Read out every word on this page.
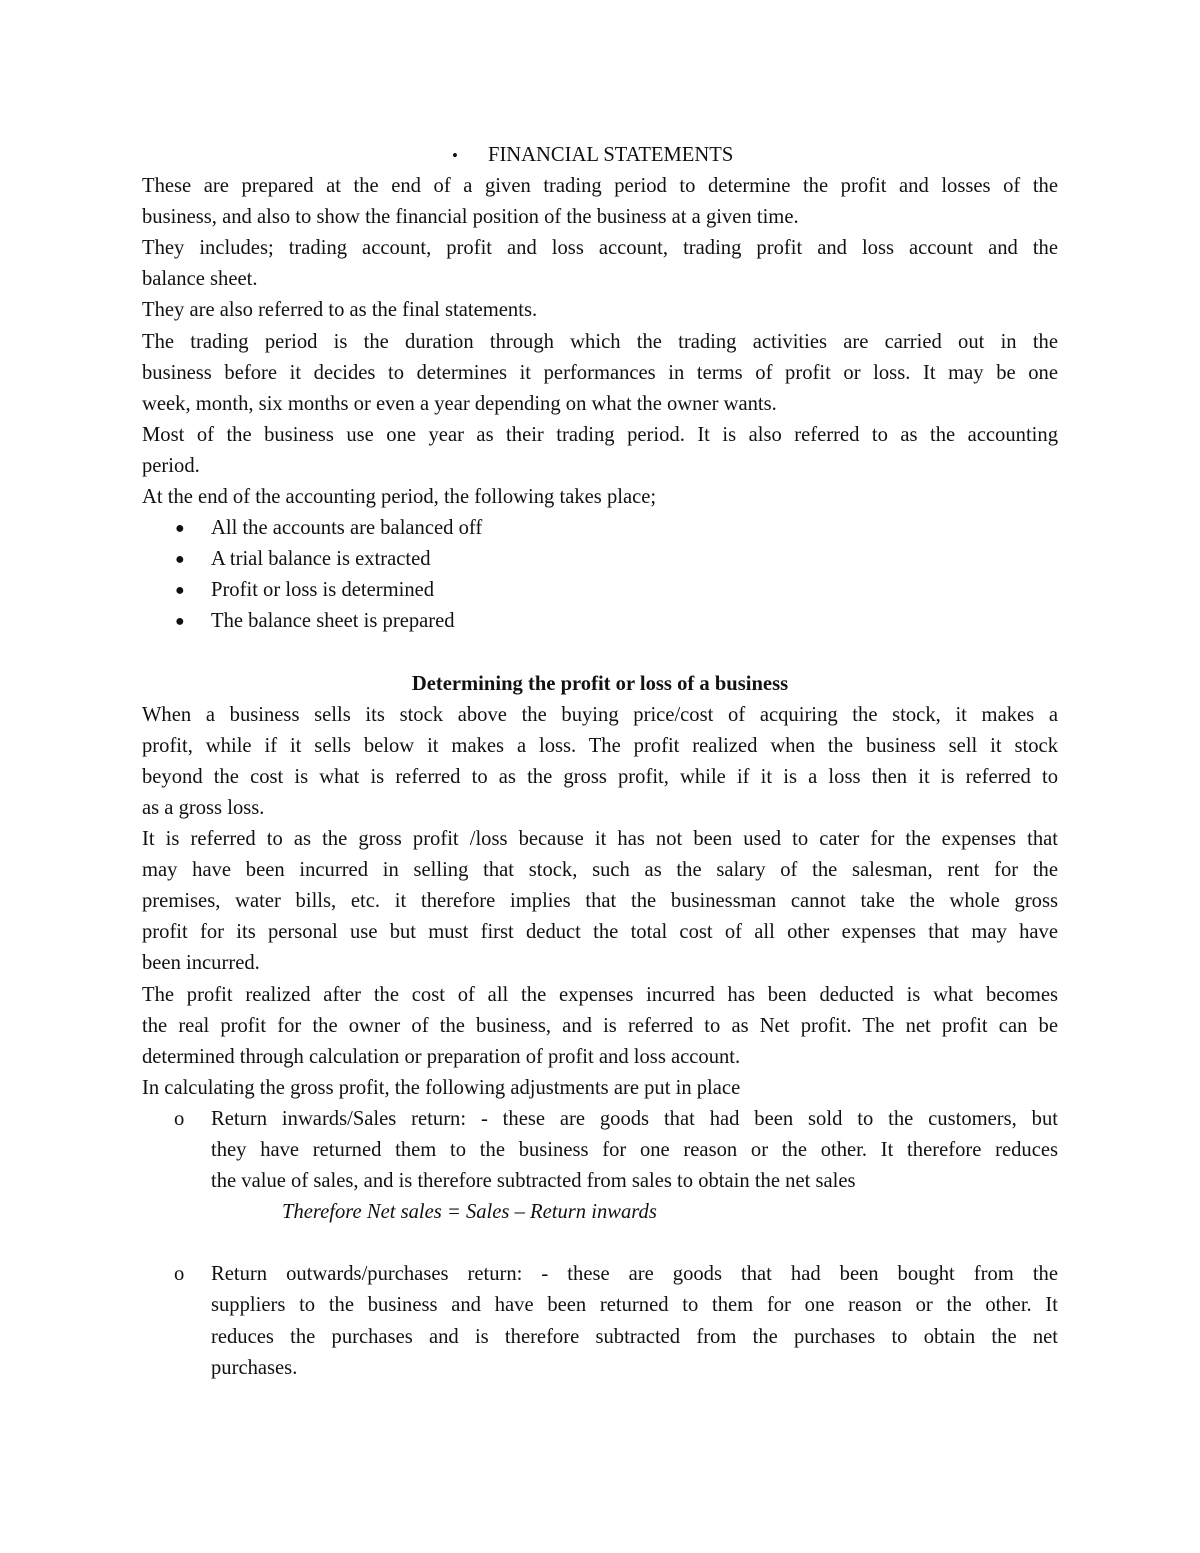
• FINANCIAL STATEMENTS
These are prepared at the end of a given trading period to determine the profit and losses of the
business, and also to show the financial position of the business at a given time.
They includes; trading account, profit and loss account, trading profit and loss account and the
balance sheet.
They are also referred to as the final statements.
The trading period is the duration through which the trading activities are carried out in the
business before it decides to determines it performances in terms of profit or loss. It may be one
week, month, six months or even a year depending on what the owner wants.
Most of the business use one year as their trading period. It is also referred to as the accounting
period.
At the end of the accounting period, the following takes place;
● All the accounts are balanced off
● A trial balance is extracted
● Profit or loss is determined
● The balance sheet is prepared
Determining the profit or loss of a business
When a business sells its stock above the buying price/cost of acquiring the stock, it makes a
profit, while if it sells below it makes a loss. The profit realized when the business sell it stock
beyond the cost is what is referred to as the gross profit, while if it is a loss then it is referred to
as a gross loss.
It is referred to as the gross profit /loss because it has not been used to cater for the expenses that
may have been incurred in selling that stock, such as the salary of the salesman, rent for the
premises, water bills, etc. it therefore implies that the businessman cannot take the whole gross
profit for its personal use but must first deduct the total cost of all other expenses that may have
been incurred.
The profit realized after the cost of all the expenses incurred has been deducted is what becomes
the real profit for the owner of the business, and is referred to as Net profit. The net profit can be
determined through calculation or preparation of profit and loss account.
In calculating the gross profit, the following adjustments are put in place
o Return inwards/Sales return: - these are goods that had been sold to the customers, but
they have returned them to the business for one reason or the other. It therefore reduces
the value of sales, and is therefore subtracted from sales to obtain the net sales
Therefore Net sales = Sales – Return inwards
o Return outwards/purchases return: - these are goods that had been bought from the
suppliers to the business and have been returned to them for one reason or the other. It
reduces the purchases and is therefore subtracted from the purchases to obtain the net
purchases.
